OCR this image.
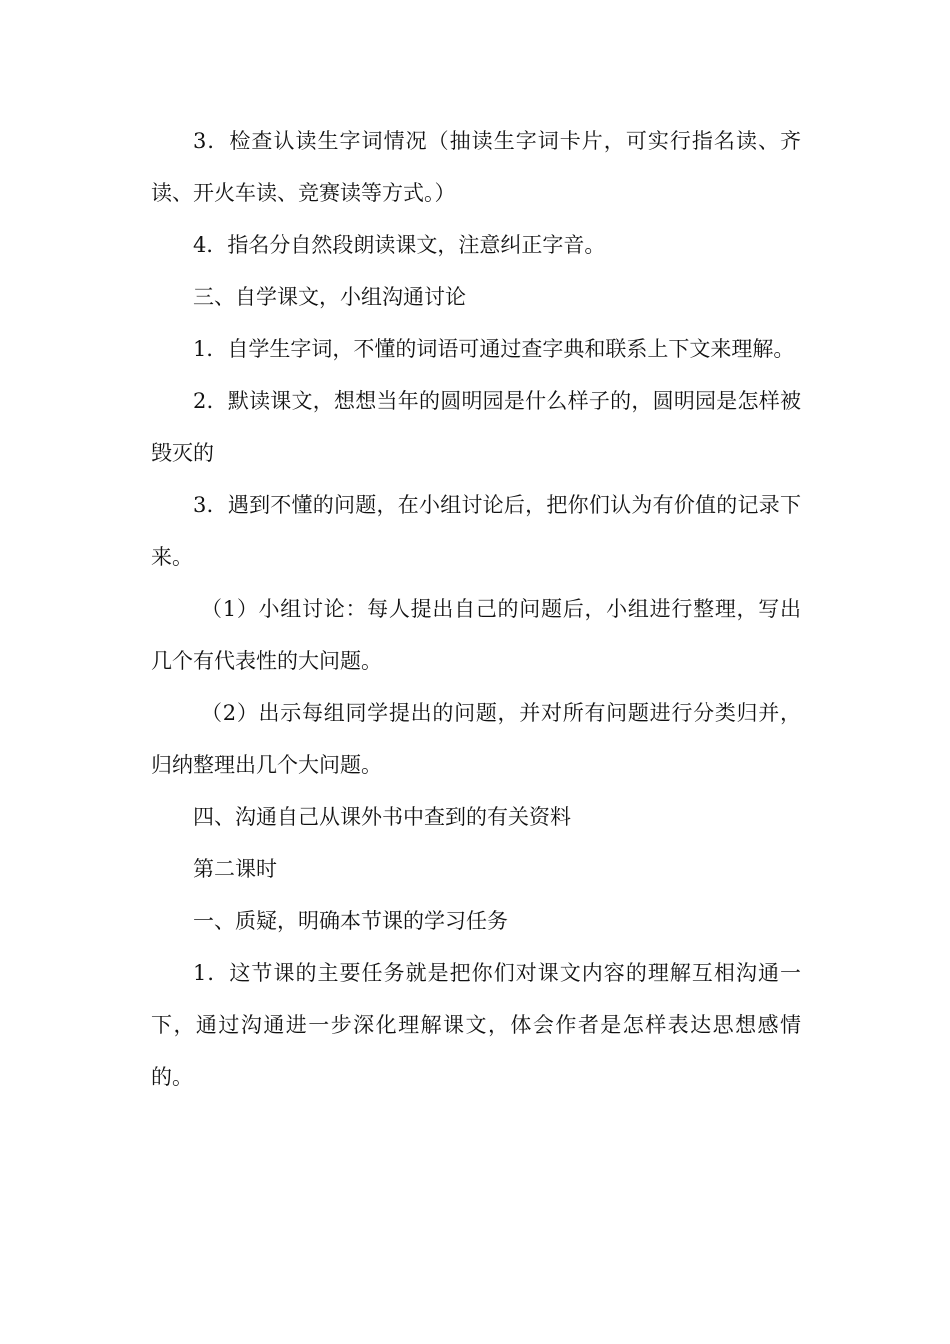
3．检查认读生字词情况（抽读生字词卡片，可实行指名读、齐读、开火车读、竞赛读等方式。）

4．指名分自然段朗读课文，注意纠正字音。

三、自学课文，小组沟通讨论

1．自学生字词，不懂的词语可通过查字典和联系上下文来理解。

2．默读课文，想想当年的圆明园是什么样子的，圆明园是怎样被毁灭的

3．遇到不懂的问题，在小组讨论后，把你们认为有价值的记录下来。

（1）小组讨论：每人提出自己的问题后，小组进行整理，写出几个有代表性的大问题。

（2）出示每组同学提出的问题，并对所有问题进行分类归并，归纳整理出几个大问题。

四、沟通自己从课外书中查到的有关资料

第二课时

一、质疑，明确本节课的学习任务

1．这节课的主要任务就是把你们对课文内容的理解互相沟通一下，通过沟通进一步深化理解课文，体会作者是怎样表达思想感情的。
